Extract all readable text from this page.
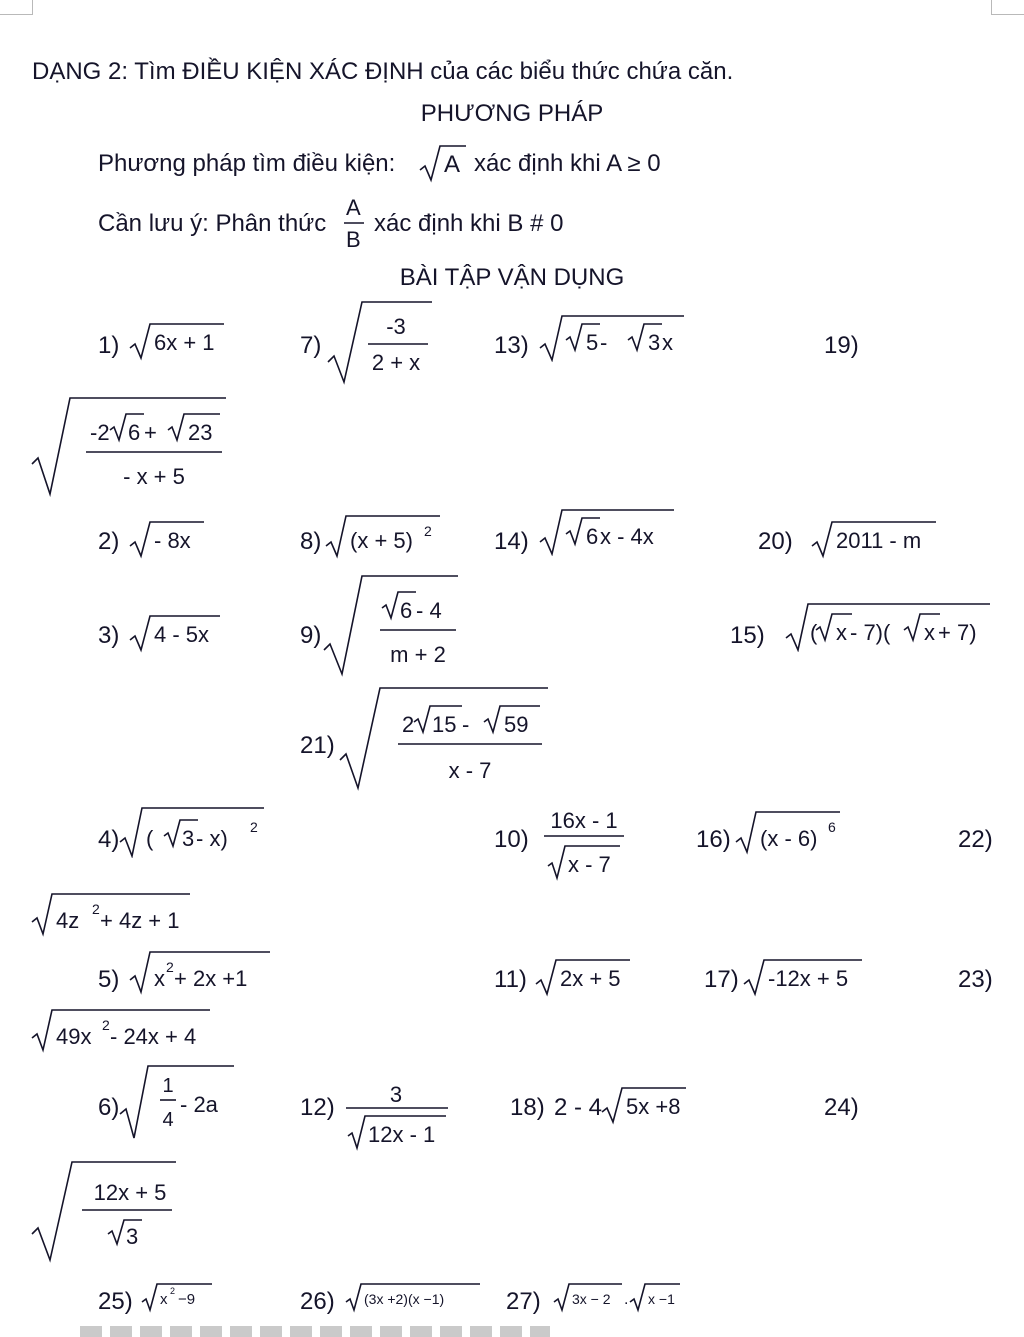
DẠNG 2: Tìm ĐIỀU KIỆN XÁC ĐỊNH của các biểu thức chứa căn.
PHƯƠNG PHÁP
Phương pháp tìm điều kiện: A xác định khi A ≥ 0
Cần lưu ý: Phân thức
A
B
xác định khi B # 0
BÀI TẬP VẬN DỤNG
1) 6x + 1	7)
-3
2 + x
13)	5 - 3 x	19)
-2 6 + 23
- x + 5
2) - 8x	8) (x + 5) 2	14)	6 x - 4x	20) 2011 - m
3) 4 - 5x	9)
6 - 4
m + 2
15) ( x - 7)( x + 7)
21)
2 15 - 59
x - 7
4) ( 3 - x) 2	10)
16x - 1
x - 7
16) (x - 6) 6	22)
4z 2 + 4z + 1
5) x 2 + 2x +1	11) 2x + 5	17) -12x + 5	23)
49x 2 - 24x + 4
6)
1
4
- 2a	12)	3
12x - 1
18) 2 - 4 5x +8	24)
12x + 5
3
25) x 2 −9	26) (3x +2)(x −1)	27) 3x − 2 . x −1
